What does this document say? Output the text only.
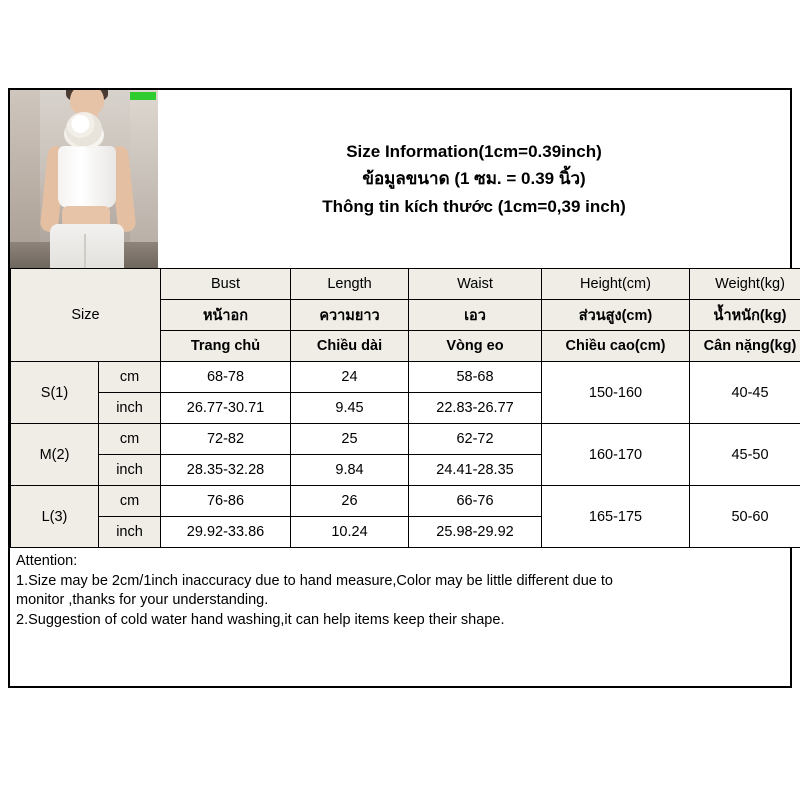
Size Information(1cm=0.39inch)
ข้อมูลขนาด (1 ซม. = 0.39 นิ้ว)
Thông tin kích thước (1cm=0,39 inch)
Size		Bust	Length	Waist	Height(cm)	Weight(kg)
		หน้าอก	ความยาว	เอว	ส่วนสูง(cm)	น้ำหนัก(kg)
		Trang chủ	Chiều dài	Vòng eo	Chiều cao(cm)	Cân nặng(kg)
S(1)	cm	68-78	24	58-68	150-160	40-45
	inch	26.77-30.71	9.45	22.83-26.77		
M(2)	cm	72-82	25	62-72	160-170	45-50
	inch	28.35-32.28	9.84	24.41-28.35		
L(3)	cm	76-86	26	66-76	165-175	50-60
	inch	29.92-33.86	10.24	25.98-29.92		
Attention:
1.Size may be 2cm/1inch inaccuracy due to hand measure,Color may be little different due to
monitor ,thanks for your understanding.
2.Suggestion of cold water hand washing,it can help items keep their shape.
